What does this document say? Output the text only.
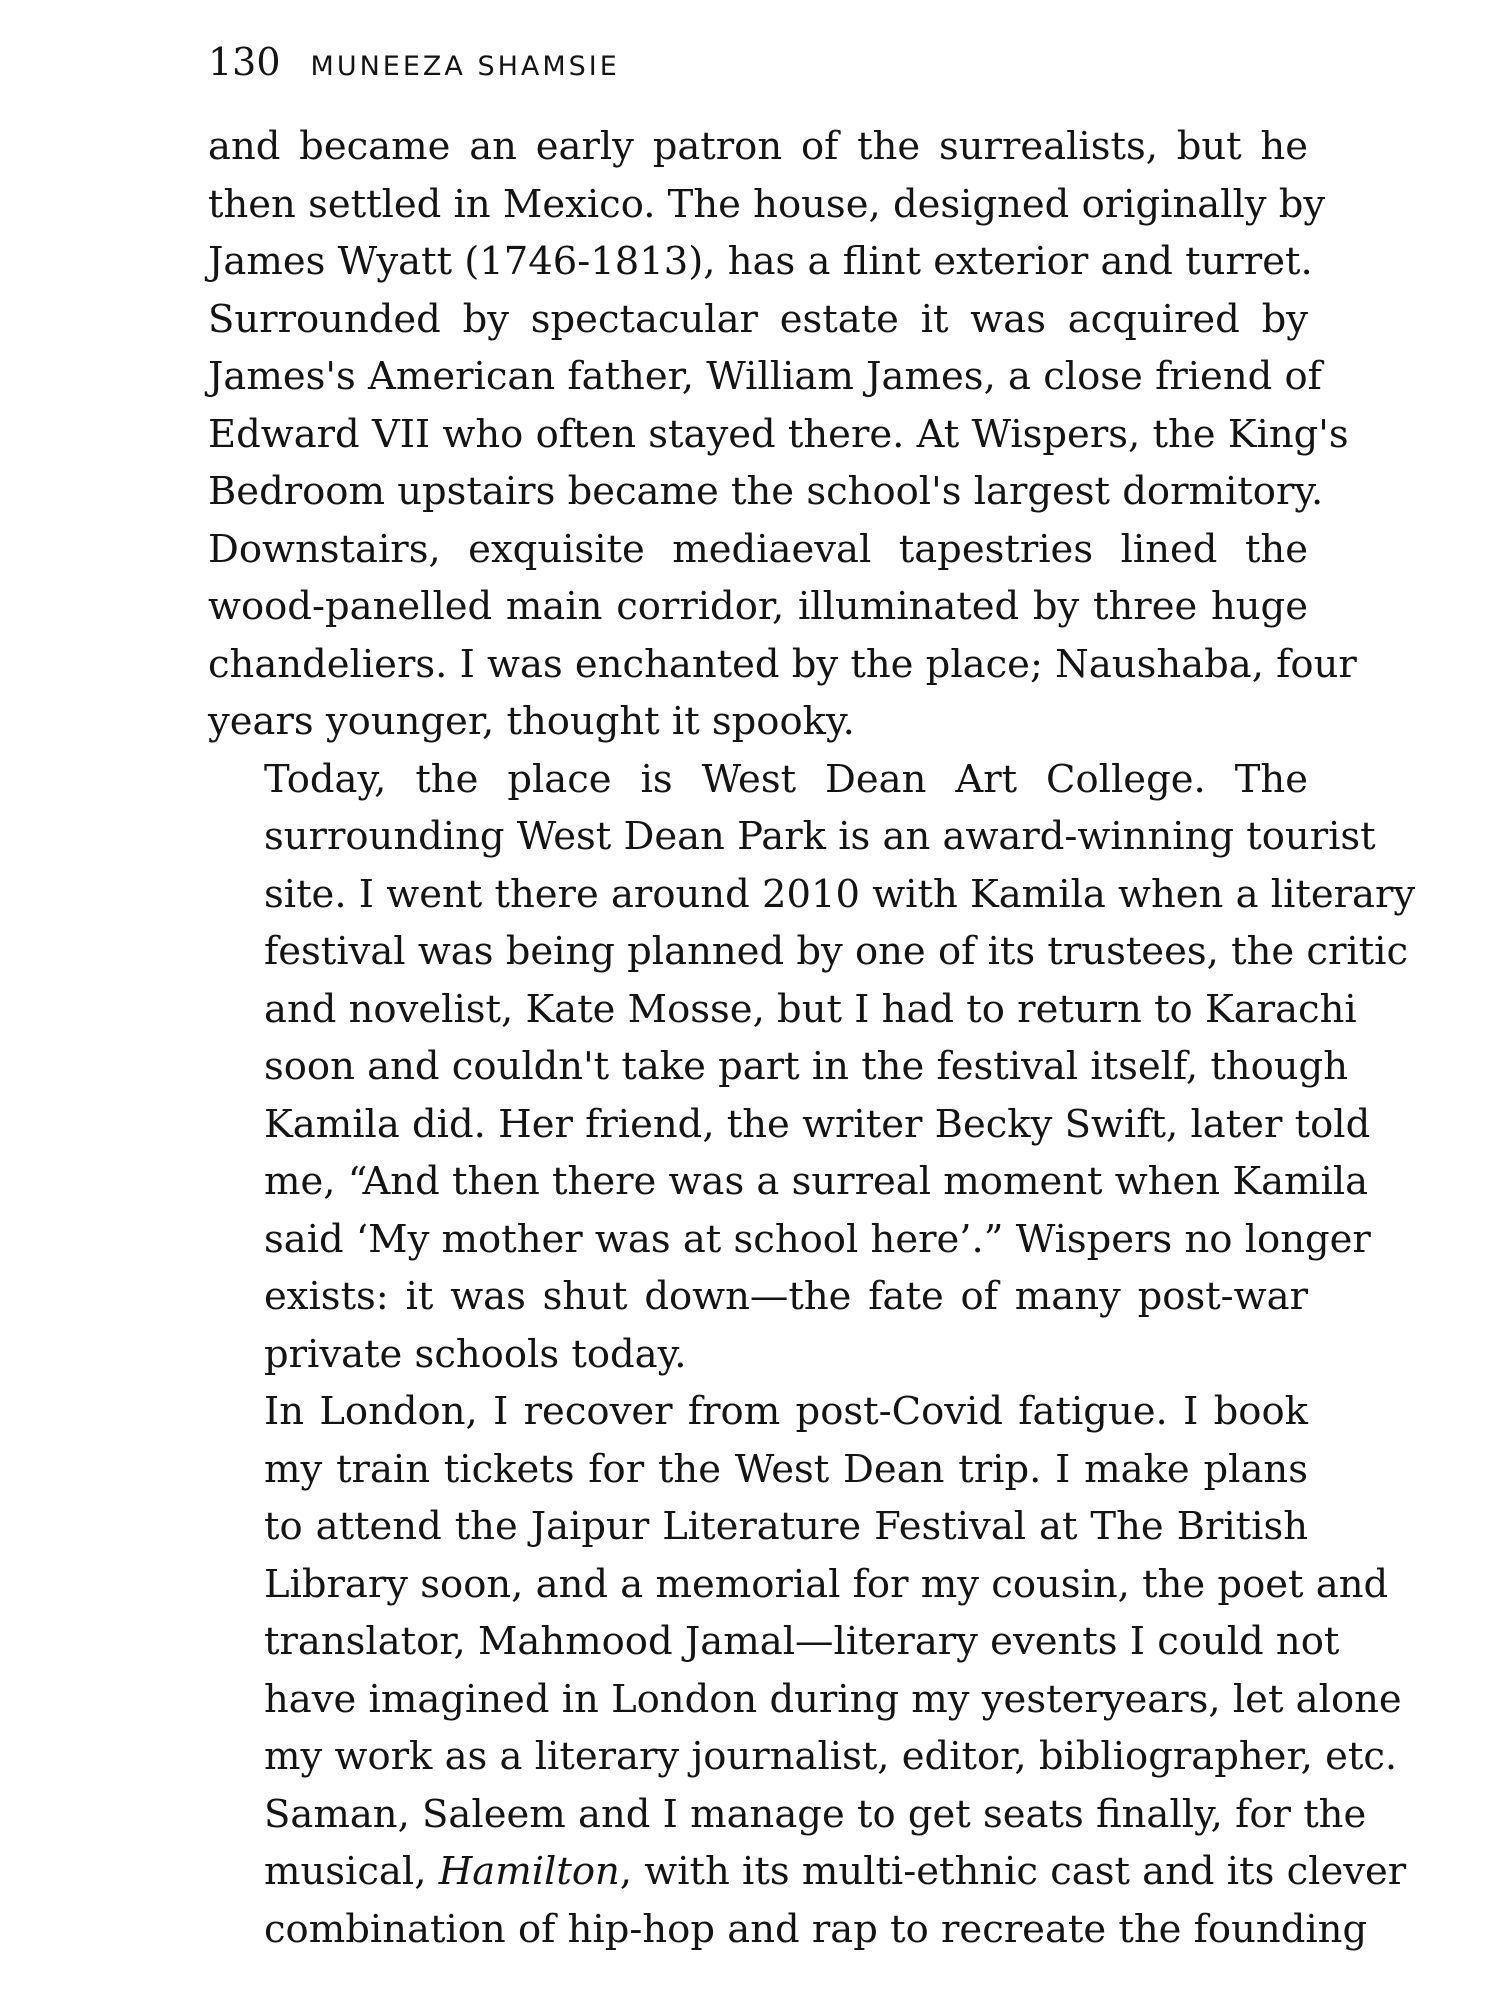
130 MUNEEZA SHAMSIE

and became an early patron of the surrealists, but he
then settled in Mexico. The house, designed originally by
James Wyatt (1746-1813), has a flint exterior and turret.
Surrounded by spectacular estate it was acquired by
James's American father, William James, a close friend of
Edward VII who often stayed there. At Wispers, the King's
Bedroom upstairs became the school's largest dormitory.
Downstairs, exquisite mediaeval tapestries lined the
wood-panelled main corridor, illuminated by three huge
chandeliers. I was enchanted by the place; Naushaba, four
years younger, thought it spooky.

Today, the place is West Dean Art College. The
surrounding West Dean Park is an award-winning tourist
site. I went there around 2010 with Kamila when a literary
festival was being planned by one of its trustees, the critic
and novelist, Kate Mosse, but I had to return to Karachi
soon and couldn't take part in the festival itself, though
Kamila did. Her friend, the writer Becky Swift, later told
me, “And then there was a surreal moment when Kamila
said ‘My mother was at school here’.” Wispers no longer
exists: it was shut down—the fate of many post-war
private schools today.

In London, I recover from post-Covid fatigue. I book
my train tickets for the West Dean trip. I make plans
to attend the Jaipur Literature Festival at The British
Library soon, and a memorial for my cousin, the poet and
translator, Mahmood Jamal—literary events I could not
have imagined in London during my yesteryears, let alone
my work as a literary journalist, editor, bibliographer, etc.
Saman, Saleem and I manage to get seats finally, for the
musical, Hamilton, with its multi-ethnic cast and its clever
combination of hip-hop and rap to recreate the founding
